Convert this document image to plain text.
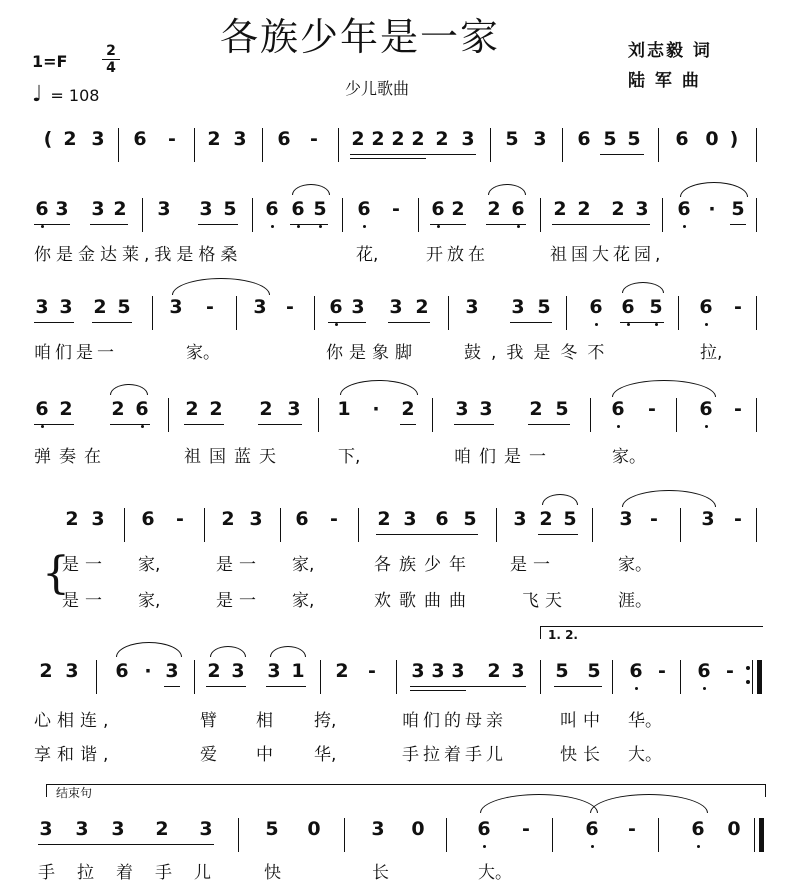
各族少年是一家
少儿歌曲
1=F
2
4
♩ = 108
刘志毅 词
陆 军 曲
( 2 3 6 - 2 3 6 - 2 2 2 2 2 3 5 3 6 5 5 6 0 )
6 3 3 2 3 3 5 6 6 5 6 - 6 2 2 6 2 2 2 3 6 · 5
你是金达莱,我是格桑	花,	开放在	祖国大花园,
3 3 2 5 3 - 3 - 6 3 3 2 3 3 5 6 6 5 6 -
咱们是一	家。	你是象脚	鼓,我是冬不	拉,
6 2 2 6 2 2 2 3 1 · 2 3 3 2 5 6 - 6 -
弹奏在	祖国蓝天	下,	咱们是一	家。
2 3 6 - 2 3 6 - 2 3 6 5 3 2 5 3 - 3 -
{
是一 家,	是一 家,	各族少年 是一	家。
是一 家,	是一 家,	欢歌曲曲	飞天	涯。
1. 2.
2 3 6 · 3 2 3 3 1 2 - 3 3 3 2 3 5 5 6 - 6 -
心相连,	臂 相 挎,	咱们的母亲	叫中 华。
享和谐,	爱 中 华,	手拉着手儿	快长 大。
结束句
3 3 3 2 3	5 0	3 0	6 -	6 -	6 0
手拉着手儿 快	长	大。
